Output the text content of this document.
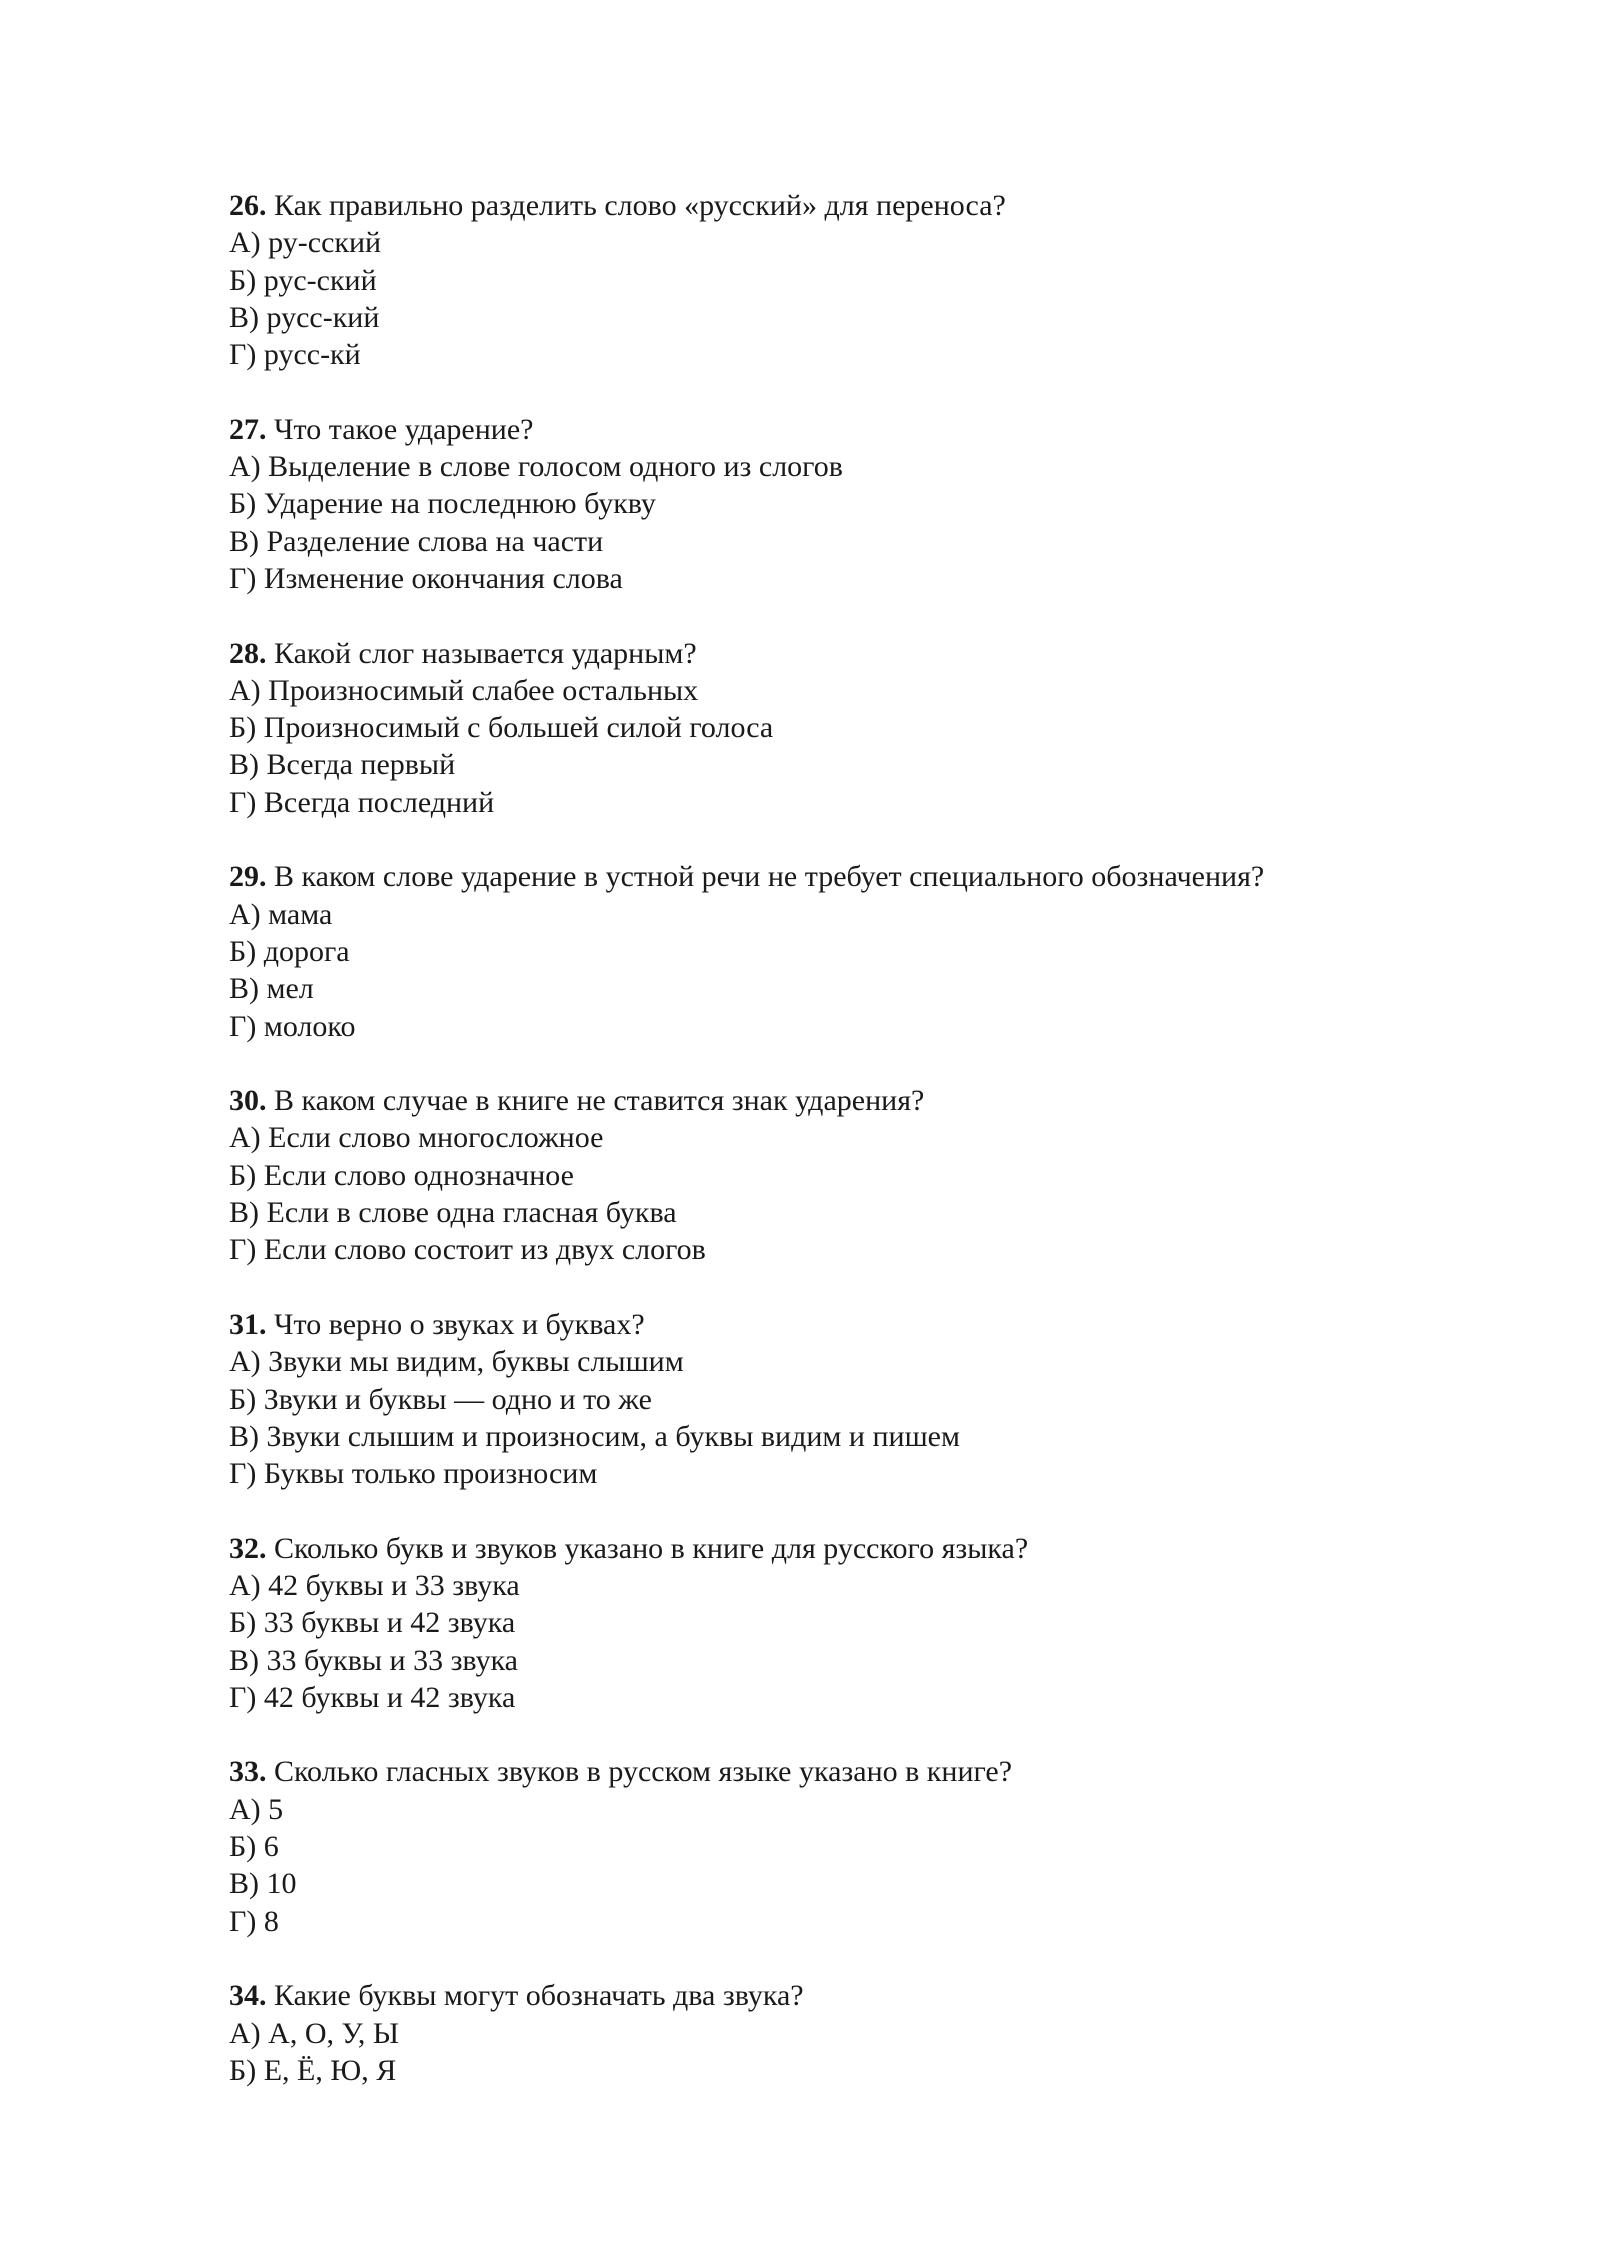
26. Как правильно разделить слово «русский» для переноса?
А) ру-сский
Б) рус-ский
В) русс-кий
Г) русс-кй
27. Что такое ударение?
А) Выделение в слове голосом одного из слогов
Б) Ударение на последнюю букву
В) Разделение слова на части
Г) Изменение окончания слова
28. Какой слог называется ударным?
А) Произносимый слабее остальных
Б) Произносимый с большей силой голоса
В) Всегда первый
Г) Всегда последний
29. В каком слове ударение в устной речи не требует специального обозначения?
А) мама
Б) дорога
В) мел
Г) молоко
30. В каком случае в книге не ставится знак ударения?
А) Если слово многосложное
Б) Если слово однозначное
В) Если в слове одна гласная буква
Г) Если слово состоит из двух слогов
31. Что верно о звуках и буквах?
А) Звуки мы видим, буквы слышим
Б) Звуки и буквы — одно и то же
В) Звуки слышим и произносим, а буквы видим и пишем
Г) Буквы только произносим
32. Сколько букв и звуков указано в книге для русского языка?
А) 42 буквы и 33 звука
Б) 33 буквы и 42 звука
В) 33 буквы и 33 звука
Г) 42 буквы и 42 звука
33. Сколько гласных звуков в русском языке указано в книге?
А) 5
Б) 6
В) 10
Г) 8
34. Какие буквы могут обозначать два звука?
А) А, О, У, Ы
Б) Е, Ё, Ю, Я
